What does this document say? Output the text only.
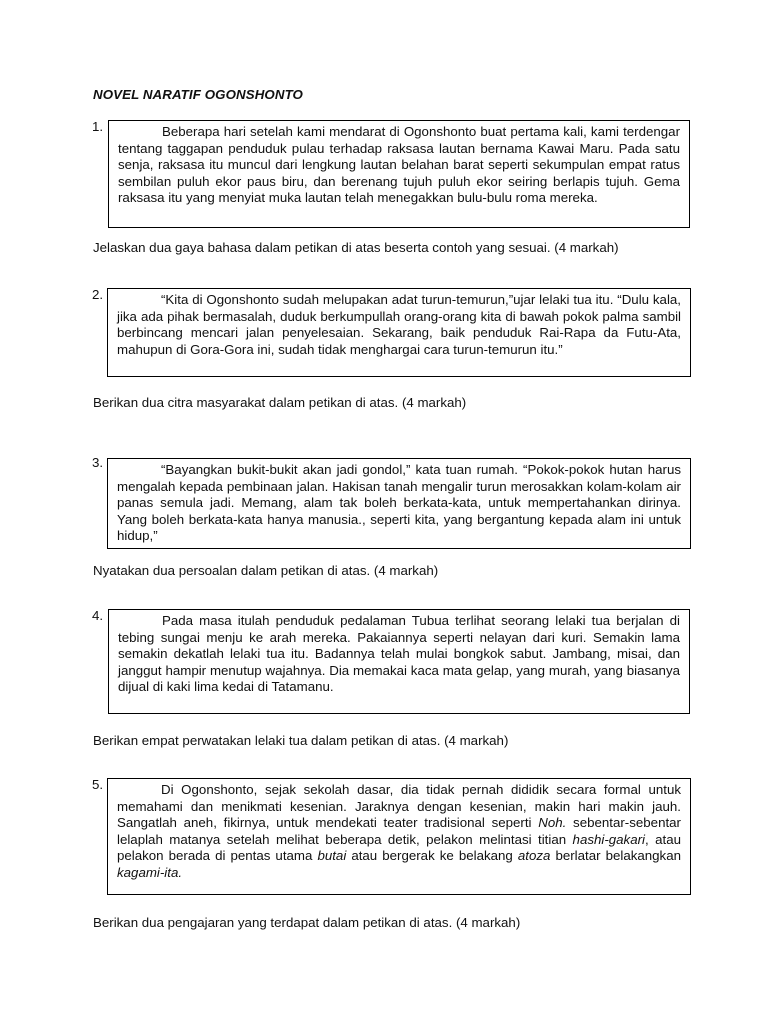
NOVEL NARATIF OGONSHONTO
1.	Beberapa hari setelah kami mendarat di Ogonshonto buat pertama kali, kami terdengar tentang taggapan penduduk pulau terhadap raksasa lautan bernama Kawai Maru. Pada satu senja, raksasa itu muncul dari lengkung lautan belahan barat seperti sekumpulan empat ratus sembilan puluh ekor paus biru, dan berenang tujuh puluh ekor seiring berlapis tujuh. Gema raksasa itu yang menyiat muka lautan telah menegakkan bulu-bulu roma mereka.

Jelaskan dua gaya bahasa dalam petikan di atas beserta contoh yang sesuai. (4 markah)
2.	“Kita di Ogonshonto sudah melupakan adat turun-temurun,”ujar lelaki tua itu. “Dulu kala, jika ada pihak bermasalah, duduk berkumpullah orang-orang kita di bawah pokok palma sambil berbincang mencari jalan penyelesaian. Sekarang, baik penduduk Rai-Rapa da Futu-Ata, mahupun di Gora-Gora ini, sudah tidak menghargai cara turun-temurun itu.”

Berikan dua citra masyarakat dalam petikan di atas. (4 markah)
3.	“Bayangkan bukit-bukit akan jadi gondol,” kata tuan rumah. “Pokok-pokok hutan harus mengalah kepada pembinaan jalan. Hakisan tanah mengalir turun merosakkan kolam-kolam air panas semula jadi. Memang, alam tak boleh berkata-kata, untuk mempertahankan dirinya. Yang boleh berkata-kata hanya manusia., seperti kita, yang bergantung kepada alam ini untuk hidup,”

Nyatakan dua persoalan dalam petikan di atas. (4 markah)
4.	Pada masa itulah penduduk pedalaman Tubua terlihat seorang lelaki tua berjalan di tebing sungai menju ke arah mereka. Pakaiannya seperti nelayan dari kuri. Semakin lama semakin dekatlah lelaki tua itu. Badannya telah mulai bongkok sabut. Jambang, misai, dan janggut hampir menutup wajahnya. Dia memakai kaca mata gelap, yang murah, yang biasanya dijual di kaki lima kedai di Tatamanu.

Berikan empat perwatakan lelaki tua dalam petikan di atas. (4 markah)
5.	Di Ogonshonto, sejak sekolah dasar, dia tidak pernah dididik secara formal untuk memahami dan menikmati kesenian. Jaraknya dengan kesenian, makin hari makin jauh. Sangatlah aneh, fikirnya, untuk mendekati teater tradisional seperti Noh. sebentar-sebentar lelaplah matanya setelah melihat beberapa detik, pelakon melintasi titian hashi-gakari, atau pelakon berada di pentas utama butai atau bergerak ke belakang atoza berlatar belakangkan kagami-ita.

Berikan dua pengajaran yang terdapat dalam petikan di atas. (4 markah)
